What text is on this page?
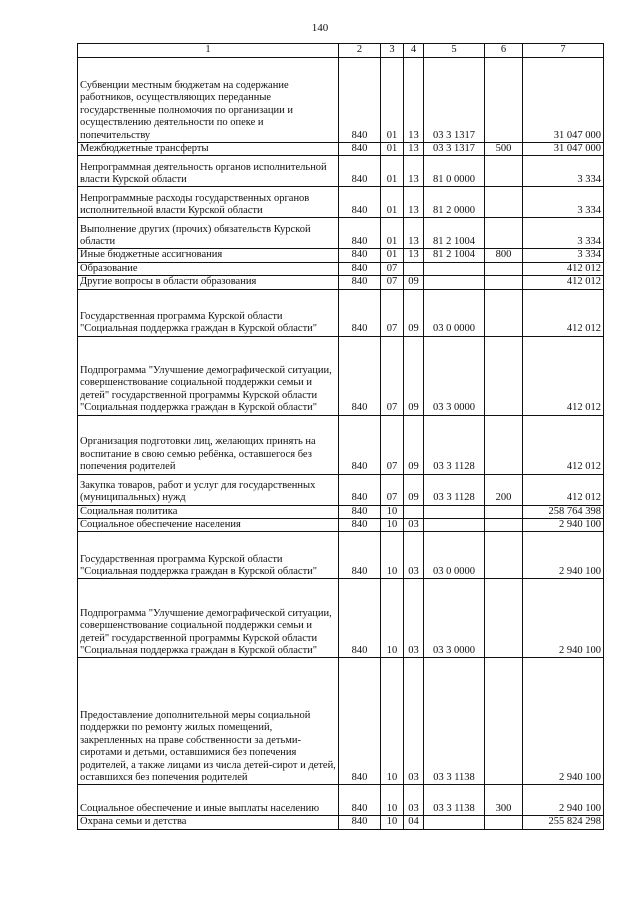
140
1	2	3	4	5	6	7
Субвенции местным бюджетам на содержание работников, осуществляющих переданные государственные полномочия по организации и осуществлению деятельности по опеке и попечительству	840	01	13	03 3 1317		31 047 000
Межбюджетные трансферты	840	01	13	03 3 1317	500	31 047 000
Непрограммная деятельность органов исполнительной власти Курской области	840	01	13	81 0 0000		3 334
Непрограммные расходы государственных органов исполнительной власти Курской области	840	01	13	81 2 0000		3 334
Выполнение других (прочих) обязательств Курской области	840	01	13	81 2 1004		3 334
Иные бюджетные ассигнования	840	01	13	81 2 1004	800	3 334
Образование	840	07				412 012
Другие вопросы в области образования	840	07	09			412 012
Государственная программа Курской области "Социальная поддержка граждан в Курской области"	840	07	09	03 0 0000		412 012
Подпрограмма "Улучшение демографической ситуации, совершенствование социальной поддержки семьи и детей" государственной программы Курской области "Социальная поддержка граждан в Курской области"	840	07	09	03 3 0000		412 012
Организация подготовки лиц, желающих принять на воспитание в свою семью ребёнка, оставшегося без попечения родителей	840	07	09	03 3 1128		412 012
Закупка товаров, работ и услуг для государственных (муниципальных) нужд	840	07	09	03 3 1128	200	412 012
Социальная политика	840	10				258 764 398
Социальное обеспечение населения	840	10	03			2 940 100
Государственная программа Курской области "Социальная поддержка граждан в Курской области"	840	10	03	03 0 0000		2 940 100
Подпрограмма "Улучшение демографической ситуации, совершенствование социальной поддержки семьи и детей" государственной программы Курской области "Социальная поддержка граждан в Курской области"	840	10	03	03 3 0000		2 940 100
Предоставление дополнительной меры социальной поддержки по ремонту жилых помещений, закрепленных на праве собственности за детьми-сиротами и детьми, оставшимися без попечения родителей, а также лицами из числа детей-сирот и детей, оставшихся без попечения родителей	840	10	03	03 3 1138		2 940 100
Социальное обеспечение и иные выплаты населению	840	10	03	03 3 1138	300	2 940 100
Охрана семьи и детства	840	10	04			255 824 298
